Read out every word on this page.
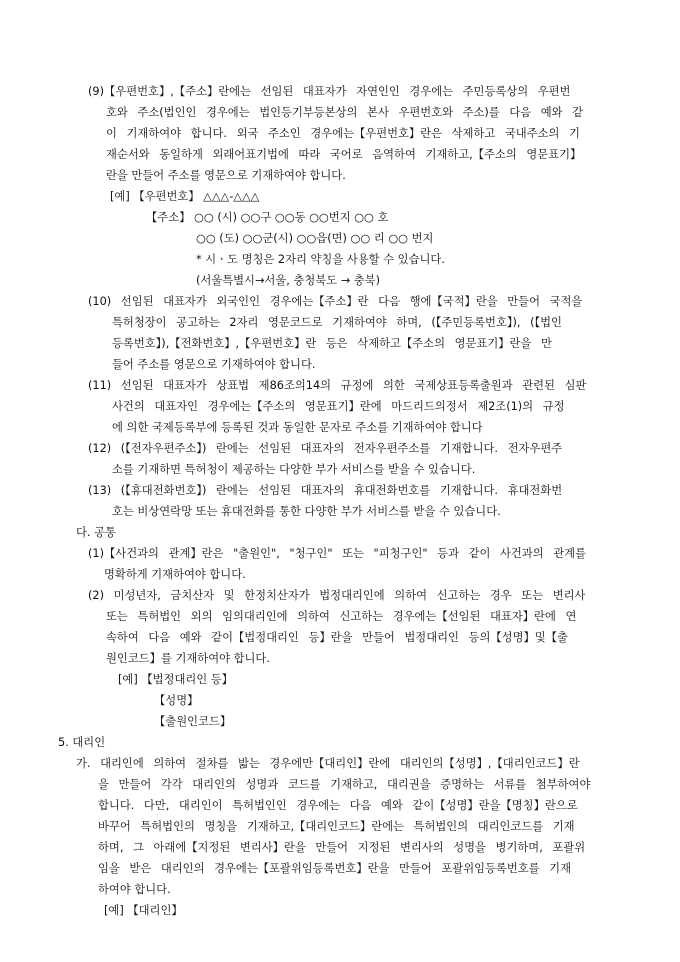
(9)【우편번호】,【주소】란에는 선임된 대표자가 자연인인 경우에는 주민등록상의 우편번
호와 주소(법인인 경우에는 법인등기부등본상의 본사 우편번호와 주소)를 다음 예와 같
이 기재하여야 합니다. 외국 주소인 경우에는【우편번호】란은 삭제하고 국내주소의 기
재순서와 동일하게 외래어표기법에 따라 국어로 음역하여 기재하고,【주소의 영문표기】
란을 만들어 주소를 영문으로 기재하여야 합니다.
[예] 【우편번호】 △△△-△△△
【주소】 ○○ (시) ○○구 ○○동 ○○번지 ○○ 호
○○ (도) ○○군(시) ○○읍(면) ○○ 리 ○○ 번지
* 시ㆍ도 명칭은 2자리 약칭을 사용할 수 있습니다.
(서울특별시→서울, 충청북도 → 충북)
(10) 선임된 대표자가 외국인인 경우에는【주소】란 다음 행에【국적】란을 만들어 국적을
특허청장이 공고하는 2자리 영문코드로 기재하여야 하며, (【주민등록번호】), (【법인
등록번호】),【전화번호】,【우편번호】란 등은 삭제하고【주소의 영문표기】란을 만
들어 주소를 영문으로 기재하여야 합니다.
(11) 선임된 대표자가 상표법 제86조의14의 규정에 의한 국제상표등록출원과 관련된 심판
사건의 대표자인 경우에는【주소의 영문표기】란에 마드리드의정서 제2조(1)의 규정
에 의한 국제등록부에 등록된 것과 동일한 문자로 주소를 기재하여야 합니다
(12) (【전자우편주소】) 란에는 선임된 대표자의 전자우편주소를 기재합니다. 전자우편주
소를 기재하면 특허청이 제공하는 다양한 부가 서비스를 받을 수 있습니다.
(13) (【휴대전화번호】) 란에는 선임된 대표자의 휴대전화번호를 기재합니다. 휴대전화번
호는 비상연락망 또는 휴대전화를 통한 다양한 부가 서비스를 받을 수 있습니다.
다. 공통
(1)【사건과의 관계】란은 "출원인", "청구인" 또는 "피청구인" 등과 같이 사건과의 관계를
명확하게 기재하여야 합니다.
(2) 미성년자, 금치산자 및 한정치산자가 법정대리인에 의하여 신고하는 경우 또는 변리사
또는 특허법인 외의 임의대리인에 의하여 신고하는 경우에는【선임된 대표자】란에 연
속하여 다음 예와 같이【법정대리인 등】란을 만들어 법정대리인 등의【성명】및【출
원인코드】를 기재하여야 합니다.
[예] 【법정대리인 등】
【성명】
【출원인코드】
5. 대리인
가. 대리인에 의하여 절차를 밟는 경우에만【대리인】란에 대리인의【성명】,【대리인코드】란
을 만들어 각각 대리인의 성명과 코드를 기재하고, 대리권을 증명하는 서류를 첨부하여야
합니다. 다만, 대리인이 특허법인인 경우에는 다음 예와 같이【성명】란을【명칭】란으로
바꾸어 특허법인의 명칭을 기재하고,【대리인코드】란에는 특허법인의 대리인코드를 기재
하며, 그 아래에【지정된 변리사】란을 만들어 지정된 변리사의 성명을 병기하며, 포괄위
임을 받은 대리인의 경우에는【포괄위임등록번호】란을 만들어 포괄위임등록번호를 기재
하여야 합니다.
[예] 【대리인】
